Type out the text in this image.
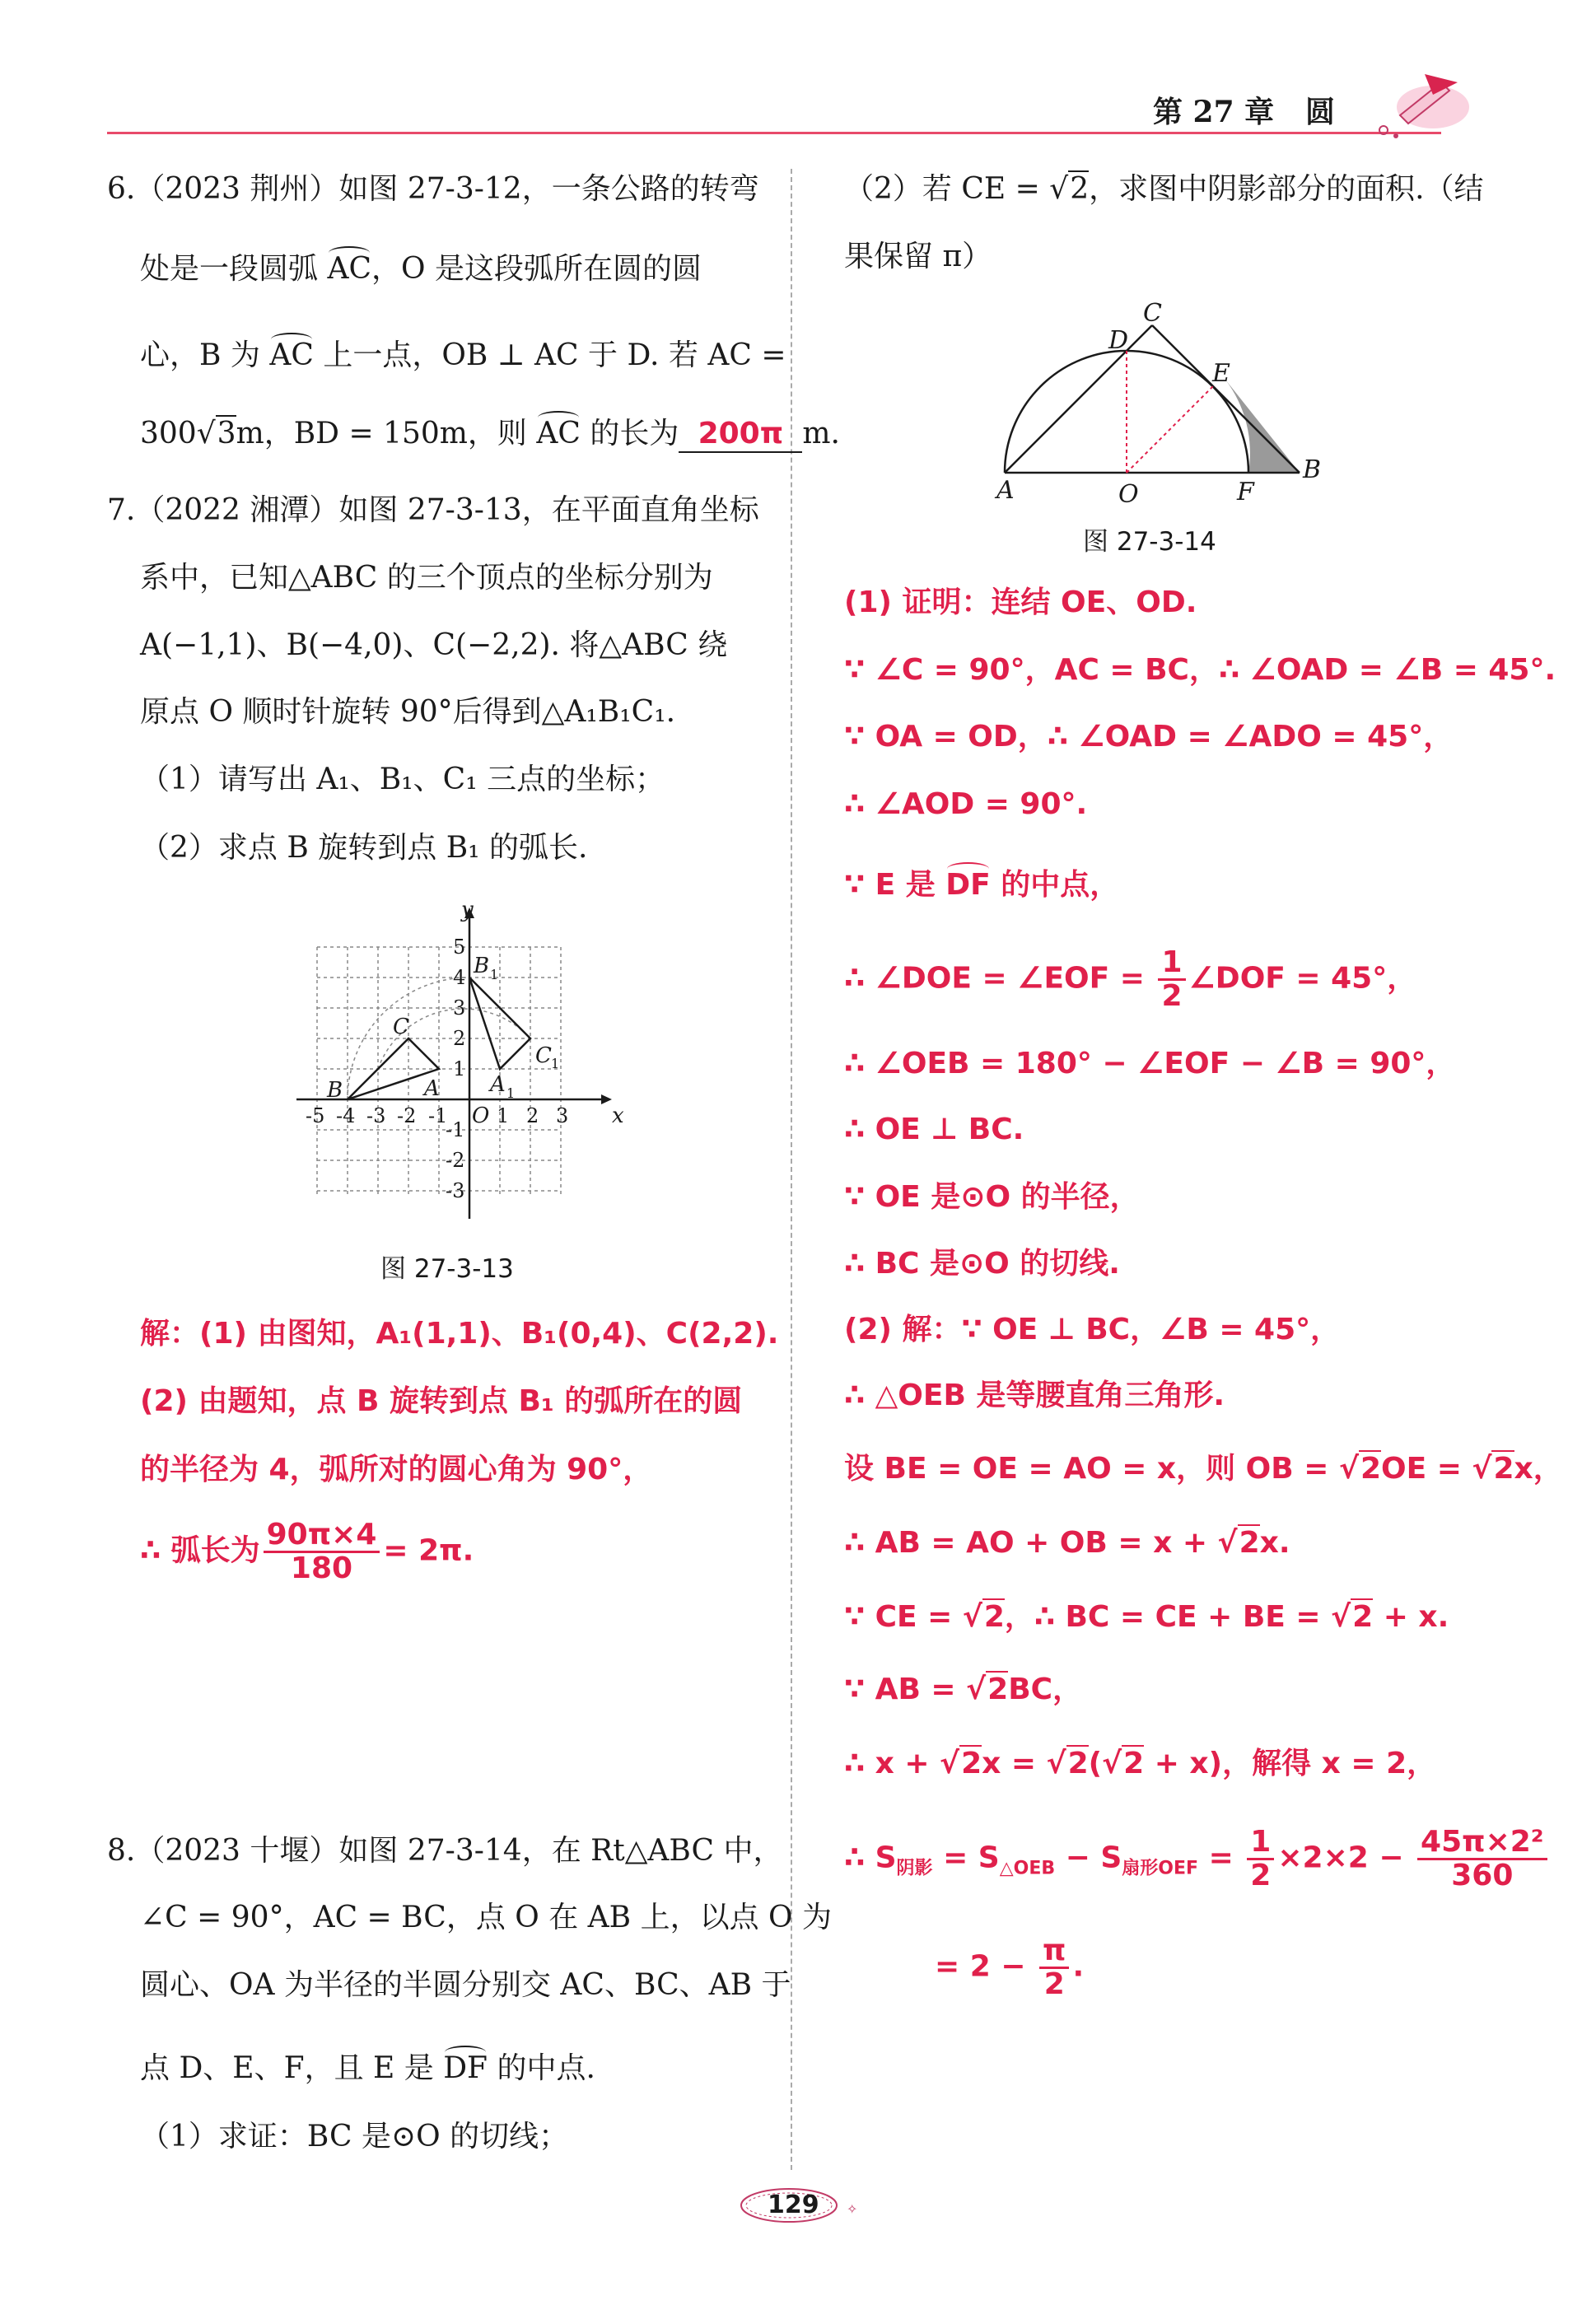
第 27 章 圆
6.（2023 荆州）如图 27-3-12，一条公路的转弯
处是一段圆弧 AC，O 是这段弧所在圆的圆
心，B 为 AC 上一点，OB ⊥ AC 于 D. 若 AC =
300√3m，BD = 150m，则 AC 的长为 200π m.
7.（2022 湘潭）如图 27-3-13，在平面直角坐标
系中，已知△ABC 的三个顶点的坐标分别为
A(−1,1)、B(−4,0)、C(−2,2). 将△ABC 绕
原点 O 顺时针旋转 90°后得到△A₁B₁C₁.
（1）请写出 A₁、B₁、C₁ 三点的坐标；
（2）求点 B 旋转到点 B₁ 的弧长.
y
x
B
C
A
B 1
C 1
A 1
O
-5 -4 -3 -2 -1 1 2 3
5
4
3
2
1
-1
-2
-3
图 27-3-13
解：(1) 由图知，A₁(1,1)、B₁(0,4)、C(2,2).
(2) 由题知，点 B 旋转到点 B₁ 的弧所在的圆
的半径为 4，弧所对的圆心角为 90°，
∴ 弧长为 $\frac{90\pi\times 4}{180} = 2\pi$.
8.（2023 十堰）如图 27-3-14，在 Rt△ABC 中，
∠C = 90°，AC = BC，点 O 在 AB 上，以点 O 为
圆心、OA 为半径的半圆分别交 AC、BC、AB 于
点 D、E、F，且 E 是 DF 的中点.
（1）求证：BC 是⊙O 的切线；
（2）若 CE = √2，求图中阴影部分的面积.（结
果保留 π）
A	O	F
B
C
D
E
图 27-3-14
(1) 证明：连结 OE、OD.
∵ ∠C = 90°，AC = BC，∴ ∠OAD = ∠B = 45°.
∵ OA = OD，∴ ∠OAD = ∠ADO = 45°，
∴ ∠AOD = 90°.
∵ E 是 DF 的中点，
∴ ∠DOE = ∠EOF = $\frac{1}{2}$ ∠DOF = 45°，
∴ ∠OEB = 180° − ∠EOF − ∠B = 90°，
∴ OE ⊥ BC.
∵ OE 是⊙O 的半径，
∴ BC 是⊙O 的切线.
(2) 解：∵ OE ⊥ BC，∠B = 45°，
∴ △OEB 是等腰直角三角形.
设 BE = OE = AO = x，则 OB = √2OE = √2x，
∴ AB = AO + OB = x + √2x.
∵ CE = √2，∴ BC = CE + BE = √2 + x.
∵ AB = √2BC，
∴ x + √2x = √2(√2 + x)，解得 x = 2，
∴ $S_{阴影} = S_{\triangle OEB} - S_{扇形OEF} = \frac{1}{2} \times 2\times 2 - \frac{\text{45π×2²}}{360}$
= $2 - \frac{\pi}{2}$ .
✧
129
